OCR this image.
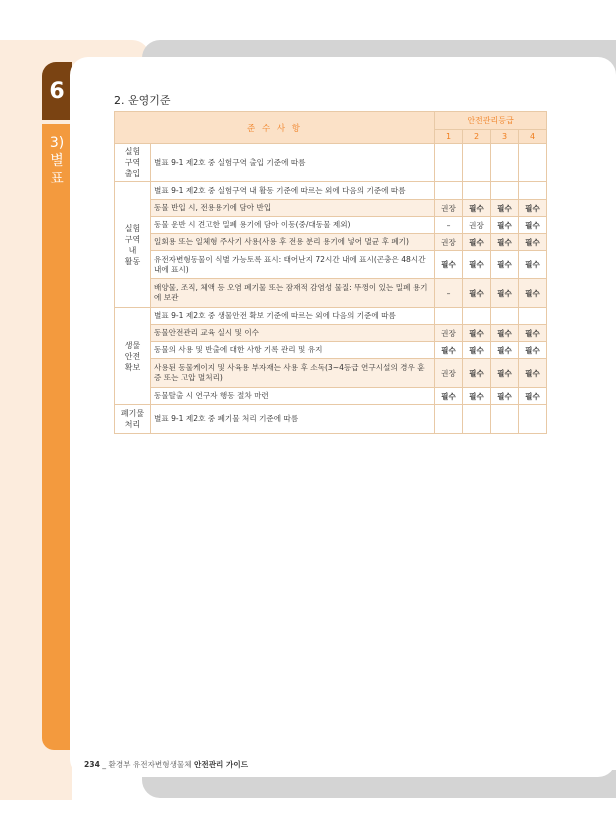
6
3)
별
표
2. 운영기준
준 수 사 항		안전관리등급			
		1	2	3	4

실험
구역
출입	별표 9-1 제2호 중 실험구역 출입 기준에 따름				

실험
구역
내
활동	별표 9-1 제2호 중 실험구역 내 활동 기준에 따르는 외에 다음의 기준에 따름				
	동물 반입 시, 전용용기에 담아 반입	권장	필수	필수	필수
	동물 운반 시 견고한 밀폐 용기에 담아 이동(중/대동물 제외)	–	권장	필수	필수
	일회용 또는 일체형 주사기 사용(사용 후 전용 분리 용기에 넣어 멸균 후 폐기)	권장	필수	필수	필수
	유전자변형동물이 식별 가능토록 표시: 태어난지 72시간 내에 표시(곤충은 48시간 내에 표시)	필수	필수	필수	필수
	배양물, 조직, 체액 등 오염 폐기물 또는 잠재적 감염성 물질: 뚜껑이 있는 밀폐 용기에 보관	–	필수	필수	필수

생물
안전
확보	별표 9-1 제2호 중 생물안전 확보 기준에 따르는 외에 다음의 기준에 따름				
	동물안전관리 교육 실시 및 이수	권장	필수	필수	필수
	동물의 사용 및 반출에 대한 사항 기록 관리 및 유지	필수	필수	필수	필수
	사용된 동물케이지 및 사육용 부자재는 사용 후 소독(3~4등급 연구시설의 경우 훈증 또는 고압 멸처리)	권장	필수	필수	필수
	동물탈출 시 연구자 행동 절차 마련	필수	필수	필수	필수

폐기물
처리	별표 9-1 제2호 중 폐기물 처리 기준에 따름				
234 _ 환경부 유전자변형생물체 안전관리 가이드
